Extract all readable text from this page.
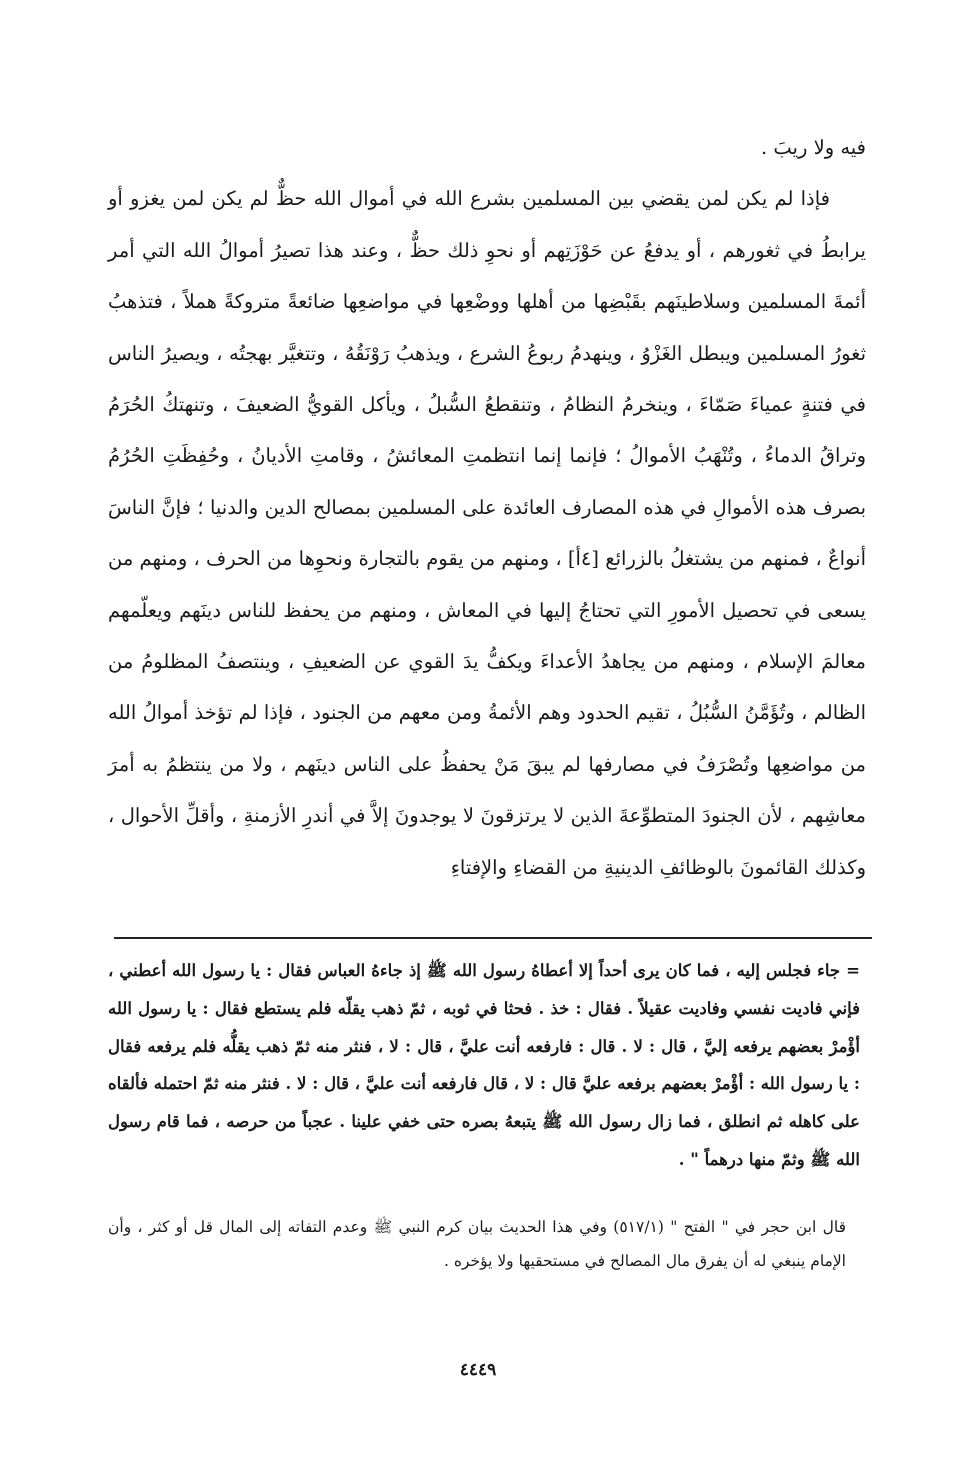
فيه ولا ريبَ .

فإذا لم يكن لمن يقضي بين المسلمين بشرع الله في أموال الله حظٌّ لم يكن لمن يغزو أو يرابطُ في ثغورهم ، أو يدفعُ عن حَوْزَتِهم أو نحوِ ذلك حظٌّ ، وعند هذا تصيرُ أموالُ الله التي أمر أئمةَ المسلمين وسلاطينَهم بقَبْضِها من أهلها ووضْعِها في مواضعِها ضائعةً متروكةً هملاً ، فتذهبُ ثغورُ المسلمين ويبطل الغَزْوُ ، وينهدمُ ربوعُ الشرع ، ويذهبُ رَوْنَقُهُ ، وتتغيَّر بهجتُه ، ويصيرُ الناس في فتنةٍ عمياءَ صَمّاءَ ، وينخرمُ النظامُ ، وتنقطعُ السُّبلُ ، ويأكل القويُّ الضعيفَ ، وتنهتكُ الحُرَمُ وتراقُ الدماءُ ، وتُنْهَبُ الأموالُ ؛ فإنما إنما انتظمتِ المعائشُ ، وقامتِ الأديانُ ، وحُفِظَتِ الحُرُمُ بصرف هذه الأموالِ في هذه المصارف العائدة على المسلمين بمصالح الدين والدنيا ؛ فإنَّ الناسَ أنواعٌ ، فمنهم من يشتغلُ بالزرائع [٤أ] ، ومنهم من يقوم بالتجارة ونحوِها من الحرف ، ومنهم من يسعى في تحصيل الأمورِ التي تحتاجُ إليها في المعاش ، ومنهم من يحفظ للناس دينَهم ويعلّمهم معالمَ الإسلام ، ومنهم من يجاهدُ الأعداءَ ويكفُّ يدَ القوي عن الضعيفِ ، وينتصفُ المظلومُ من الظالم ، وتُؤَمَّنُ السُّبُلُ ، تقيم الحدود وهم الأئمةُ ومن معهم من الجنود ، فإذا لم تؤخذ أموالُ الله من مواضعِها وتُصْرَفُ في مصارفها لم يبقَ مَنْ يحفظُ على الناس دينَهم ، ولا من ينتظمُ به أمرَ معاشِهم ، لأن الجنودَ المتطوِّعةَ الذين لا يرتزقونَ لا يوجدونَ إلاَّ في أندرِ الأزمنةِ ، وأقلِّ الأحوال ، وكذلك القائمونَ بالوظائفِ الدينيةِ من القضاءِ والإفتاءِ

= جاء فجلس إليه ، فما كان يرى أحداً إلا أعطاهُ رسول الله ﷺ إذ جاءهُ العباس فقال : يا رسول الله أعطني ، فإني فاديت نفسي وفاديت عقيلاً . فقال : خذ . فحثا في ثوبه ، ثمّ ذهب يقلّه فلم يستطع فقال : يا رسول الله أؤْمرْ بعضهم يرفعه إليَّ ، قال : لا . قال : فارفعه أنت عليَّ ، قال : لا ، فنثر منه ثمّ ذهب يقلُّه فلم يرفعه فقال : يا رسول الله : أؤْمرْ بعضهم برفعه عليَّ قال : لا ، قال فارفعه أنت عليَّ ، قال : لا . فنثر منه ثمّ احتمله فألقاه على كاهله ثم انطلق ، فما زال رسول الله ﷺ يتبعهُ بصره حتى خفي علينا . عجباً من حرصه ، فما قام رسول الله ﷺ وثمّ منها درهماً " .

قال ابن حجر في " الفتح " (٥١٧/١) وفي هذا الحديث بيان كرم النبي ﷺ وعدم التفاته إلى المال قل أو كثر ، وأن الإمام ينبغي له أن يفرق مال المصالح في مستحقيها ولا يؤخره .

٤٤٤٩
